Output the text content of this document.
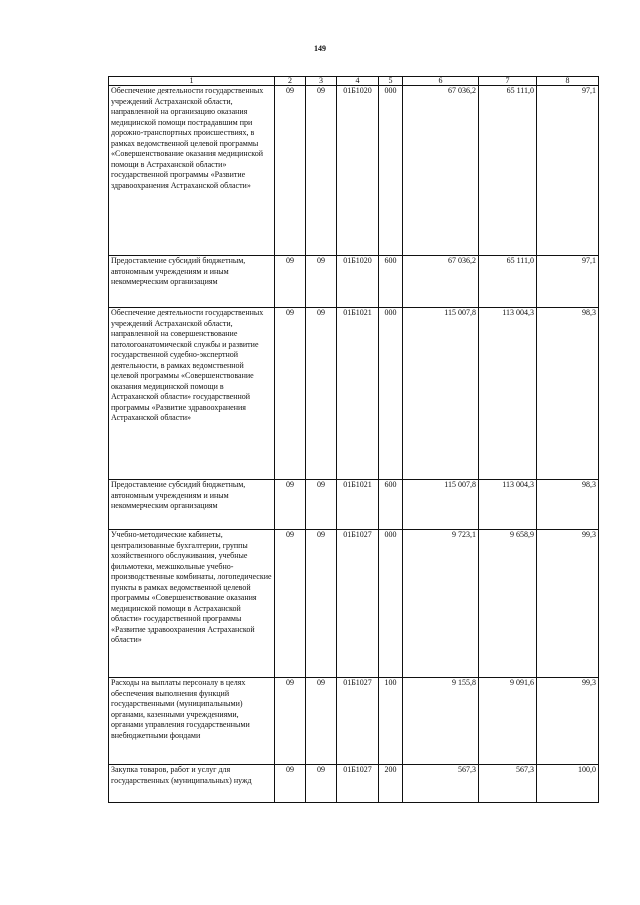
149
1	2	3	4	5	6	7	8
Обеспечение деятельности государственных учреждений Астраханской области, направленной на организацию оказания медицинской помощи пострадавшим при дорожно-транспортных происшествиях, в рамках ведомственной целевой программы «Совершенствование оказания медицинской помощи в Астраханской области» государственной программы «Развитие здравоохранения Астраханской области»	09	09	01Б1020	000	67 036,2	65 111,0	97,1
Предоставление субсидий бюджетным, автономным учреждениям и иным некоммерческим организациям	09	09	01Б1020	600	67 036,2	65 111,0	97,1
Обеспечение деятельности государственных учреждений Астраханской области, направленной на совершенствование патологоанатомической службы и развитие государственной судебно-экспертной деятельности, в рамках ведомственной целевой программы «Совершенствование оказания медицинской помощи в Астраханской области» государственной программы «Развитие здравоохранения Астраханской области»	09	09	01Б1021	000	115 007,8	113 004,3	98,3
Предоставление субсидий бюджетным, автономным учреждениям и иным некоммерческим организациям	09	09	01Б1021	600	115 007,8	113 004,3	98,3
Учебно-методические кабинеты, централизованные бухгалтерии, группы хозяйственного обслуживания, учебные фильмотеки, межшкольные учебно-производственные комбинаты, логопедические пункты в рамках ведомственной целевой программы «Совершенствование оказания медицинской помощи в Астраханской области» государственной программы «Развитие здравоохранения Астраханской области»	09	09	01Б1027	000	9 723,1	9 658,9	99,3
Расходы на выплаты персоналу в целях обеспечения выполнения функций государственными (муниципальными) органами, казенными учреждениями, органами управления государственными внебюджетными фондами	09	09	01Б1027	100	9 155,8	9 091,6	99,3
Закупка товаров, работ и услуг для государственных (муниципальных) нужд	09	09	01Б1027	200	567,3	567,3	100,0
